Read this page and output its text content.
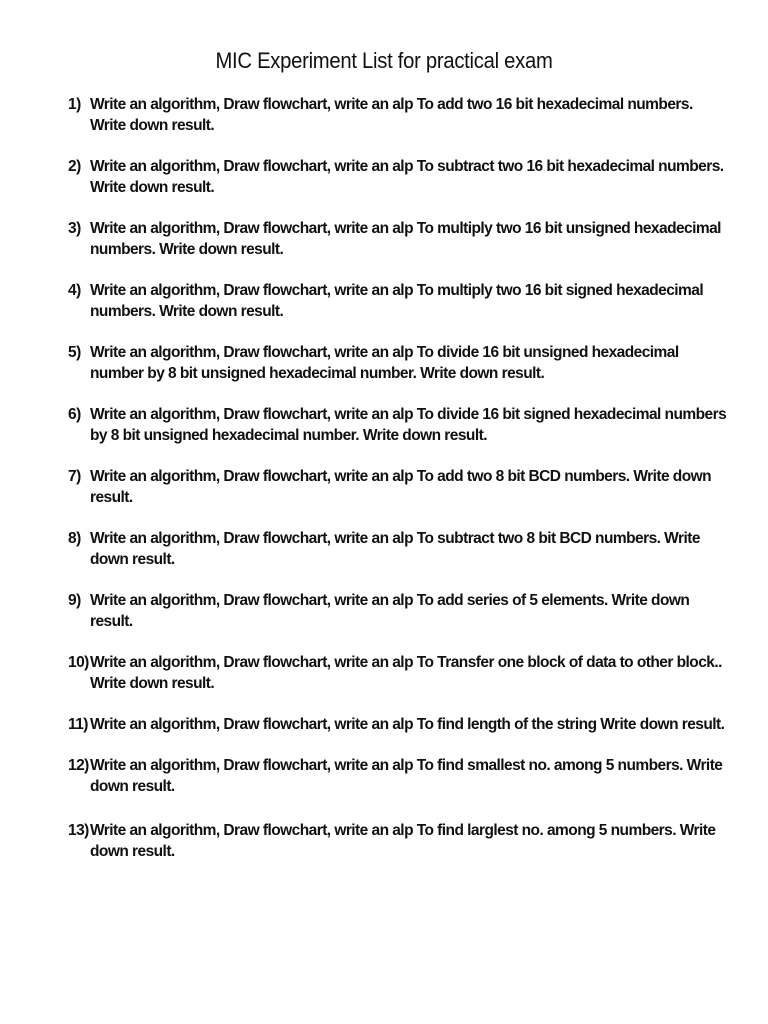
MIC Experiment List for practical exam
1) Write an algorithm, Draw flowchart, write an alp To add two 16 bit hexadecimal numbers. Write down result.
2) Write an algorithm, Draw flowchart, write an alp To subtract two 16 bit hexadecimal numbers. Write down result.
3) Write an algorithm, Draw flowchart, write an alp To multiply two 16 bit unsigned hexadecimal numbers. Write down result.
4) Write an algorithm, Draw flowchart, write an alp To multiply two 16 bit signed hexadecimal numbers. Write down result.
5) Write an algorithm, Draw flowchart, write an alp To divide 16 bit unsigned hexadecimal number by 8 bit unsigned hexadecimal number. Write down result.
6) Write an algorithm, Draw flowchart, write an alp To divide 16 bit signed hexadecimal numbers by 8 bit unsigned hexadecimal number. Write down result.
7) Write an algorithm, Draw flowchart, write an alp To add two 8 bit BCD numbers. Write down result.
8) Write an algorithm, Draw flowchart, write an alp To subtract two 8 bit BCD numbers. Write down result.
9) Write an algorithm, Draw flowchart, write an alp To add series of 5 elements. Write down result.
10) Write an algorithm, Draw flowchart, write an alp To Transfer one block of data to other block.. Write down result.
11) Write an algorithm, Draw flowchart, write an alp To find length of the string Write down result.
12) Write an algorithm, Draw flowchart, write an alp To find smallest no. among 5 numbers. Write down result.
13) Write an algorithm, Draw flowchart, write an alp To find larglest no. among 5 numbers. Write down result.
